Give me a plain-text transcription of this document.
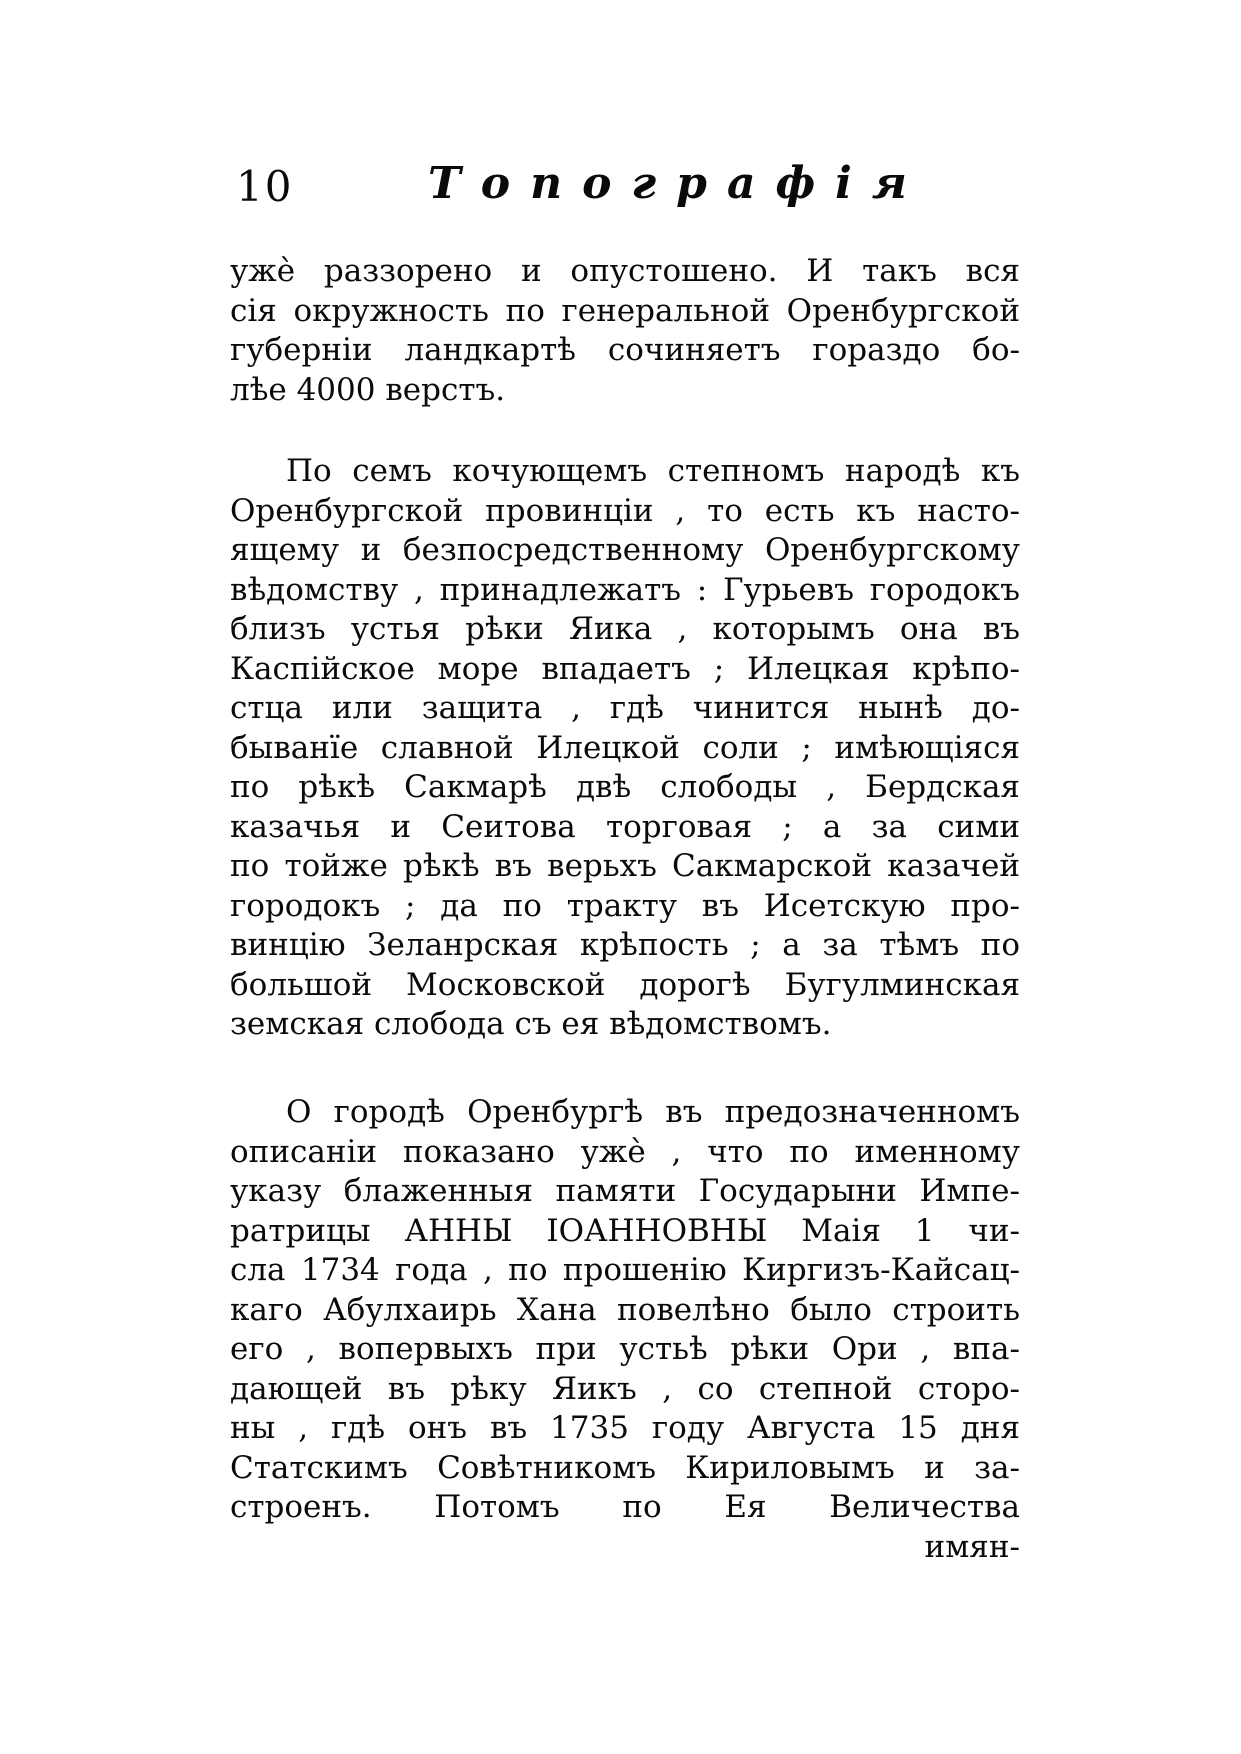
10	Топографія
ужѐ раззорено и опустошено. И такъ вся
сія окружность по генеральной Оренбургской
губерніи ландкартѣ сочиняетъ гораздо бо-
лѣе 4000 верстъ.
По семъ кочующемъ степномъ народѣ къ
Оренбургской провинціи , то есть къ насто-
ящему и безпосредственному Оренбургскому
вѣдомству , принадлежатъ : Гурьевъ городокъ
близъ устья рѣки Яика , которымъ она въ
Каспійское море впадаетъ ; Илецкая крѣпо-
стца или защита , гдѣ чинится нынѣ до-
быванїе славной Илецкой соли ; имѣющіяся
по рѣкѣ Сакмарѣ двѣ слободы , Бердская
казачья и Сеитова торговая ; а за сими
по тойже рѣкѣ въ верьхъ Сакмарской казачей
городокъ ; да по тракту въ Исетскую про-
винцію Зеланрская крѣпость ; а за тѣмъ по
большой Московской дорогѣ Бугулминская
земская слобода съ ея вѣдомствомъ.
О городѣ Оренбургѣ въ предозначенномъ
описаніи показано ужѐ , что по именному
указу блаженныя памяти Государыни Импе-
ратрицы АННЫ ІОАННОВНЫ Маія 1 чи-
сла 1734 года , по прошенію Киргизъ-Кайсац-
каго Абулхаирь Хана повелѣно было строить
его , вопервыхъ при устьѣ рѣки Ори , впа-
дающей въ рѣку Яикъ , со степной сторо-
ны , гдѣ онъ въ 1735 году Августа 15 дня
Статскимъ Совѣтникомъ Кириловымъ и за-
строенъ. Потомъ по Ея Величества
имян-
